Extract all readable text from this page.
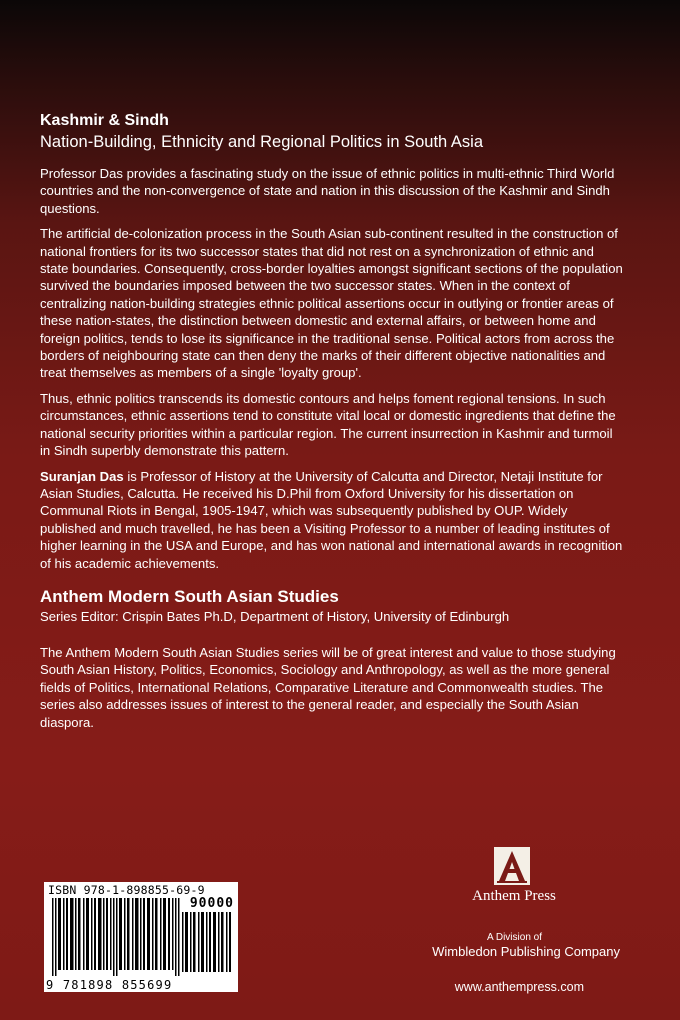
Kashmir & Sindh
Nation-Building, Ethnicity and Regional Politics in South Asia

Professor Das provides a fascinating study on the issue of ethnic politics in multi-ethnic Third World countries and the non-convergence of state and nation in this discussion of the Kashmir and Sindh questions.

The artificial de-colonization process in the South Asian sub-continent resulted in the construction of national frontiers for its two successor states that did not rest on a synchronization of ethnic and state boundaries. Consequently, cross-border loyalties amongst significant sections of the population survived the boundaries imposed between the two successor states. When in the context of centralizing nation-building strategies ethnic political assertions occur in outlying or frontier areas of these nation-states, the distinction between domestic and external affairs, or between home and foreign politics, tends to lose its significance in the traditional sense. Political actors from across the borders of neighbouring state can then deny the marks of their different objective nationalities and treat themselves as members of a single 'loyalty group'.

Thus, ethnic politics transcends its domestic contours and helps foment regional tensions. In such circumstances, ethnic assertions tend to constitute vital local or domestic ingredients that define the national security priorities within a particular region. The current insurrection in Kashmir and turmoil in Sindh superbly demonstrate this pattern.

Suranjan Das is Professor of History at the University of Calcutta and Director, Netaji Institute for Asian Studies, Calcutta. He received his D.Phil from Oxford University for his dissertation on Communal Riots in Bengal, 1905-1947, which was subsequently published by OUP. Widely published and much travelled, he has been a Visiting Professor to a number of leading institutes of higher learning in the USA and Europe, and has won national and international awards in recognition of his academic achievements.

Anthem Modern South Asian Studies

Series Editor: Crispin Bates Ph.D, Department of History, University of Edinburgh

The Anthem Modern South Asian Studies series will be of great interest and value to those studying South Asian History, Politics, Economics, Sociology and Anthropology, as well as the more general fields of Politics, International Relations, Comparative Literature and Commonwealth studies. The series also addresses issues of interest to the general reader, and especially the South Asian diaspora.

ISBN 978-1-898855-69-9
90000
9 781898 855699
Anthem Press
A Division of
Wimbledon Publishing Company
www.anthempress.com
